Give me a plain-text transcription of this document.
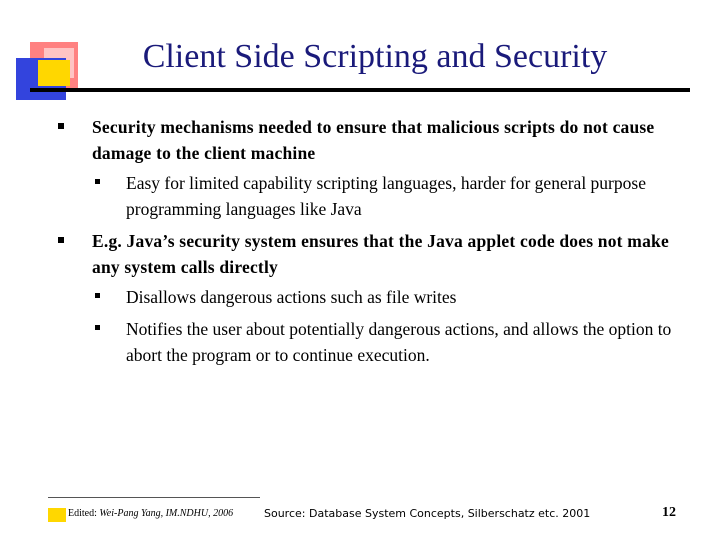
Client Side Scripting and Security
Security mechanisms needed to ensure that malicious scripts do not cause damage to the client machine
Easy for limited capability scripting languages, harder for general purpose programming languages like Java
E.g. Java’s security system ensures that the Java applet code does not make any system calls directly
Disallows dangerous actions such as file writes
Notifies the user about potentially dangerous actions, and allows the option to abort the program or to continue execution.
Edited: Wei-Pang Yang, IM.NDHU, 2006	Source: Database System Concepts, Silberschatz etc. 2001	12
